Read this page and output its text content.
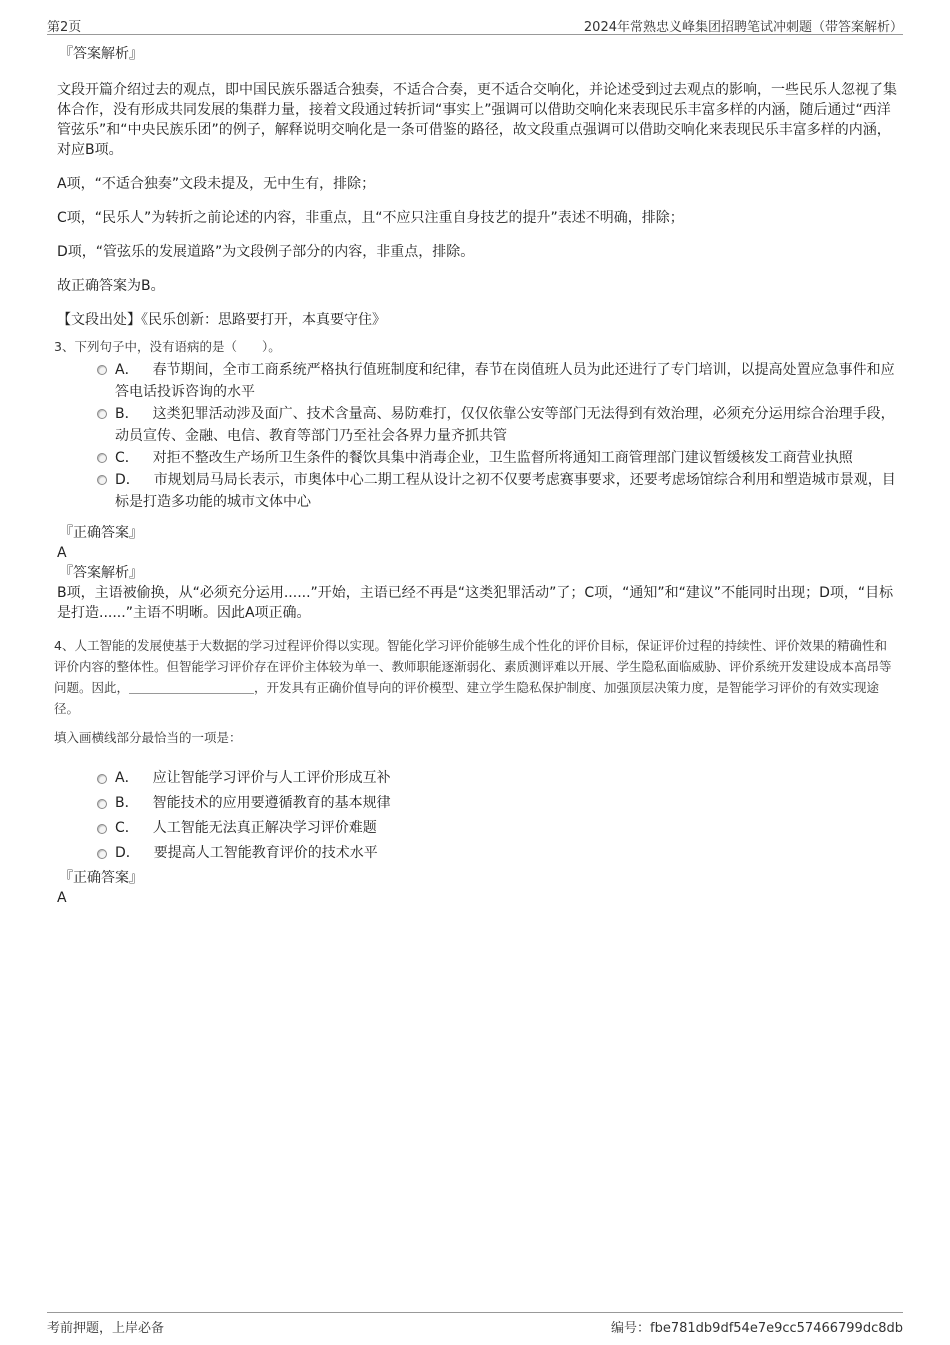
第2页	2024年常熟忠义峰集团招聘笔试冲刺题（带答案解析）
『答案解析』
文段开篇介绍过去的观点，即中国民族乐器适合独奏，不适合合奏，更不适合交响化，并论述受到过去观点的影响，一些民乐人忽视了集体合作，没有形成共同发展的集群力量，接着文段通过转折词“事实上”强调可以借助交响化来表现民乐丰富多样的内涵，随后通过“西洋管弦乐”和“中央民族乐团”的例子，解释说明交响化是一条可借鉴的路径，故文段重点强调可以借助交响化来表现民乐丰富多样的内涵，对应B项。
A项，“不适合独奏”文段未提及，无中生有，排除；
C项，“民乐人”为转折之前论述的内容，非重点，且“不应只注重自身技艺的提升”表述不明确，排除；
D项，“管弦乐的发展道路”为文段例子部分的内容，非重点，排除。
故正确答案为B。
【文段出处】《民乐创新：思路要打开，本真要守住》
3、下列句子中，没有语病的是（　　）。
A． 春节期间，全市工商系统严格执行值班制度和纪律，春节在岗值班人员为此还进行了专门培训，以提高处置应急事件和应答电话投诉咨询的水平
B． 这类犯罪活动涉及面广、技术含量高、易防难打，仅仅依靠公安等部门无法得到有效治理，必须充分运用综合治理手段，动员宣传、金融、电信、教育等部门乃至社会各界力量齐抓共管
C． 对拒不整改生产场所卫生条件的餐饮具集中消毒企业，卫生监督所将通知工商管理部门建议暂缓核发工商营业执照
D． 市规划局马局长表示，市奥体中心二期工程从设计之初不仅要考虑赛事要求，还要考虑场馆综合利用和塑造城市景观，目标是打造多功能的城市文体中心
『正确答案』
A
『答案解析』
B项，主语被偷换，从“必须充分运用......”开始，主语已经不再是“这类犯罪活动”了；C项，“通知”和“建议”不能同时出现；D项，“目标是打造......”主语不明晰。因此A项正确。
4、人工智能的发展使基于大数据的学习过程评价得以实现。智能化学习评价能够生成个性化的评价目标，保证评价过程的持续性、评价效果的精确性和评价内容的整体性。但智能学习评价存在评价主体较为单一、教师职能逐渐弱化、素质测评难以开展、学生隐私面临威胁、评价系统开发建设成本高昂等问题。因此，＿＿＿＿＿＿＿＿＿＿，开发具有正确价值导向的评价模型、建立学生隐私保护制度、加强顶层决策力度，是智能学习评价的有效实现途径。
填入画横线部分最恰当的一项是：
A． 应让智能学习评价与人工评价形成互补
B． 智能技术的应用要遵循教育的基本规律
C． 人工智能无法真正解决学习评价难题
D． 要提高人工智能教育评价的技术水平
『正确答案』
A
考前押题，上岸必备	编号：fbe781db9df54e7e9cc57466799dc8db
